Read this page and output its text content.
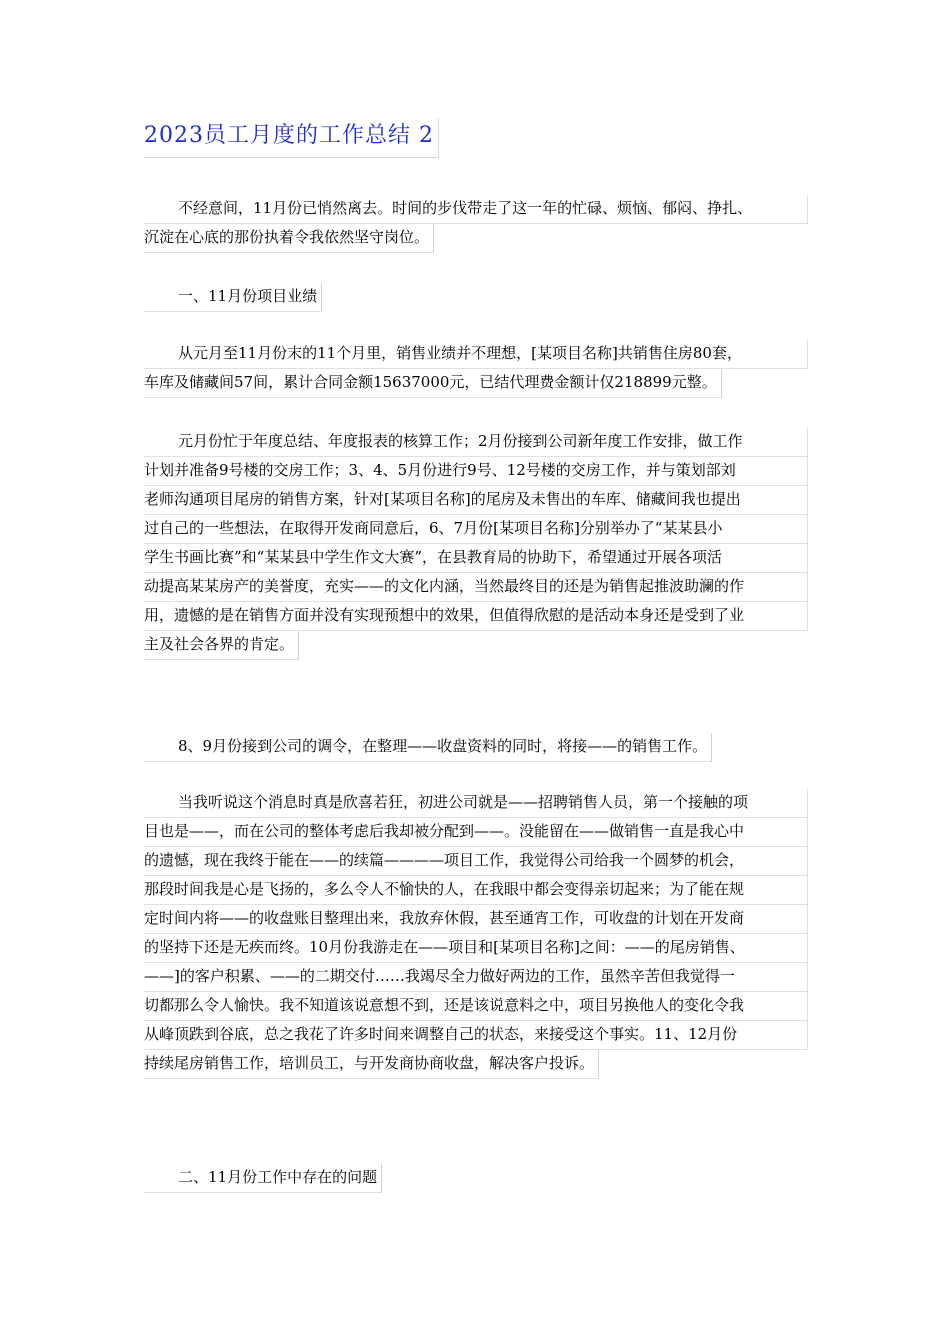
2023员工月度的工作总结 2
不经意间，11月份已悄然离去。时间的步伐带走了这一年的忙碌、烦恼、郁闷、挣扎、
沉淀在心底的那份执着令我依然坚守岗位。
一、11月份项目业绩
从元月至11月份末的11个月里，销售业绩并不理想，[某项目名称]共销售住房80套，
车库及储藏间57间，累计合同金额15637000元，已结代理费金额计仅218899元整。
元月份忙于年度总结、年度报表的核算工作；2月份接到公司新年度工作安排，做工作
计划并准备9号楼的交房工作；3、4、5月份进行9号、12号楼的交房工作，并与策划部刘
老师沟通项目尾房的销售方案，针对[某项目名称]的尾房及未售出的车库、储藏间我也提出
过自己的一些想法，在取得开发商同意后，6、7月份[某项目名称]分别举办了“某某县小
学生书画比赛”和“某某县中学生作文大赛”，在县教育局的协助下，希望通过开展各项活
动提高某某房产的美誉度，充实——的文化内涵，当然最终目的还是为销售起推波助澜的作
用，遗憾的是在销售方面并没有实现预想中的效果，但值得欣慰的是活动本身还是受到了业
主及社会各界的肯定。
8、9月份接到公司的调令，在整理——收盘资料的同时，将接——的销售工作。
当我听说这个消息时真是欣喜若狂，初进公司就是——招聘销售人员，第一个接触的项
目也是——，而在公司的整体考虑后我却被分配到——。没能留在——做销售一直是我心中
的遗憾，现在我终于能在——的续篇————项目工作，我觉得公司给我一个圆梦的机会，
那段时间我是心是飞扬的，多么令人不愉快的人，在我眼中都会变得亲切起来；为了能在规
定时间内将——的收盘账目整理出来，我放弃休假，甚至通宵工作，可收盘的计划在开发商
的坚持下还是无疾而终。10月份我游走在——项目和[某项目名称]之间：——的尾房销售、
——]的客户积累、——的二期交付……我竭尽全力做好两边的工作，虽然辛苦但我觉得一
切都那么令人愉快。我不知道该说意想不到，还是该说意料之中，项目另换他人的变化令我
从峰顶跌到谷底，总之我花了许多时间来调整自己的状态，来接受这个事实。11、12月份
持续尾房销售工作，培训员工，与开发商协商收盘，解决客户投诉。
二、11月份工作中存在的问题
